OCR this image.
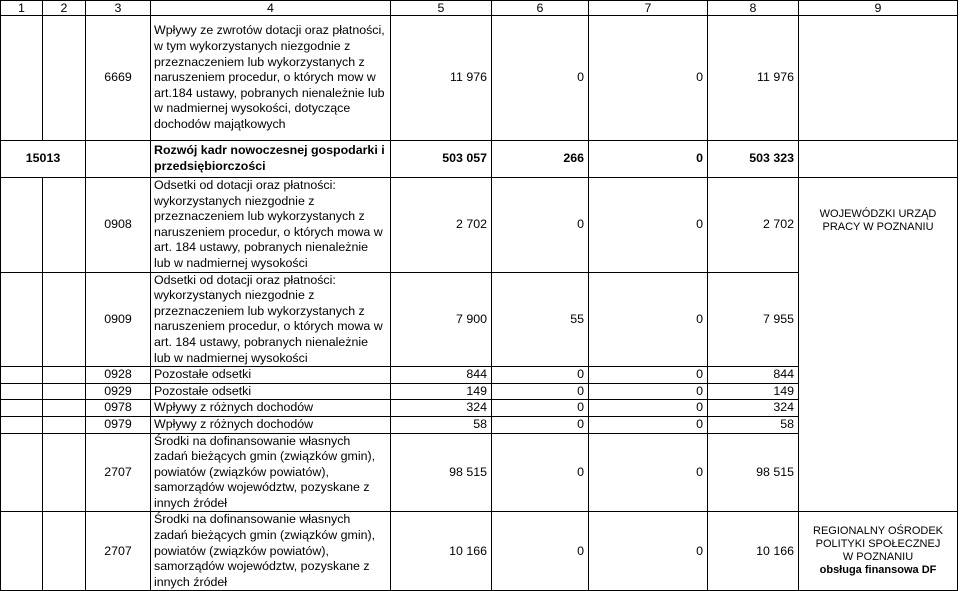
1	2	3	4	5	6	7	8	9	
		6669	Wpływy ze zwrotów dotacji oraz płatności, w tym wykorzystanych niezgodnie z przeznaczeniem lub wykorzystanych z naruszeniem procedur, o których mow w art.184 ustawy, pobranych nienależnie lub w nadmiernej wysokości, dotyczące dochodów majątkowych	11 976	0	0	11 976		
15013			Rozwój kadr nowoczesnej gospodarki i przedsiębiorczości	503 057	266	0	503 323		
		0908	Odsetki od dotacji oraz płatności: wykorzystanych niezgodnie z przeznaczeniem lub wykorzystanych z naruszeniem procedur, o których mowa w art. 184 ustawy, pobranych nienależnie lub w nadmiernej wysokości	2 702	0	0	2 702	WOJEWÓDZKI URZĄD PRACY W POZNANIU	
		0909	Odsetki od dotacji oraz płatności: wykorzystanych niezgodnie z przeznaczeniem lub wykorzystanych z naruszeniem procedur, o których mowa w art. 184 ustawy, pobranych nienależnie lub w nadmiernej wysokości	7 900	55	0	7 955		
		0928	Pozostałe odsetki	844	0	0	844		
		0929	Pozostałe odsetki	149	0	0	149		
		0978	Wpływy z różnych dochodów	324	0	0	324		
		0979	Wpływy z różnych dochodów	58	0	0	58		
		2707	Środki na dofinansowanie własnych zadań bieżących gmin (związków gmin), powiatów (związków powiatów), samorządów województw, pozyskane z innych źródeł	98 515	0	0	98 515	

		2707	Środki na dofinansowanie własnych zadań bieżących gmin (związków gmin), powiatów (związków powiatów), samorządów województw, pozyskane z innych źródeł	10 166	0	0	10 166	REGIONALNY OŚRODEK
POLITYKI SPOŁECZNEJ
W POZNANIU
obsługa finansowa DF	
